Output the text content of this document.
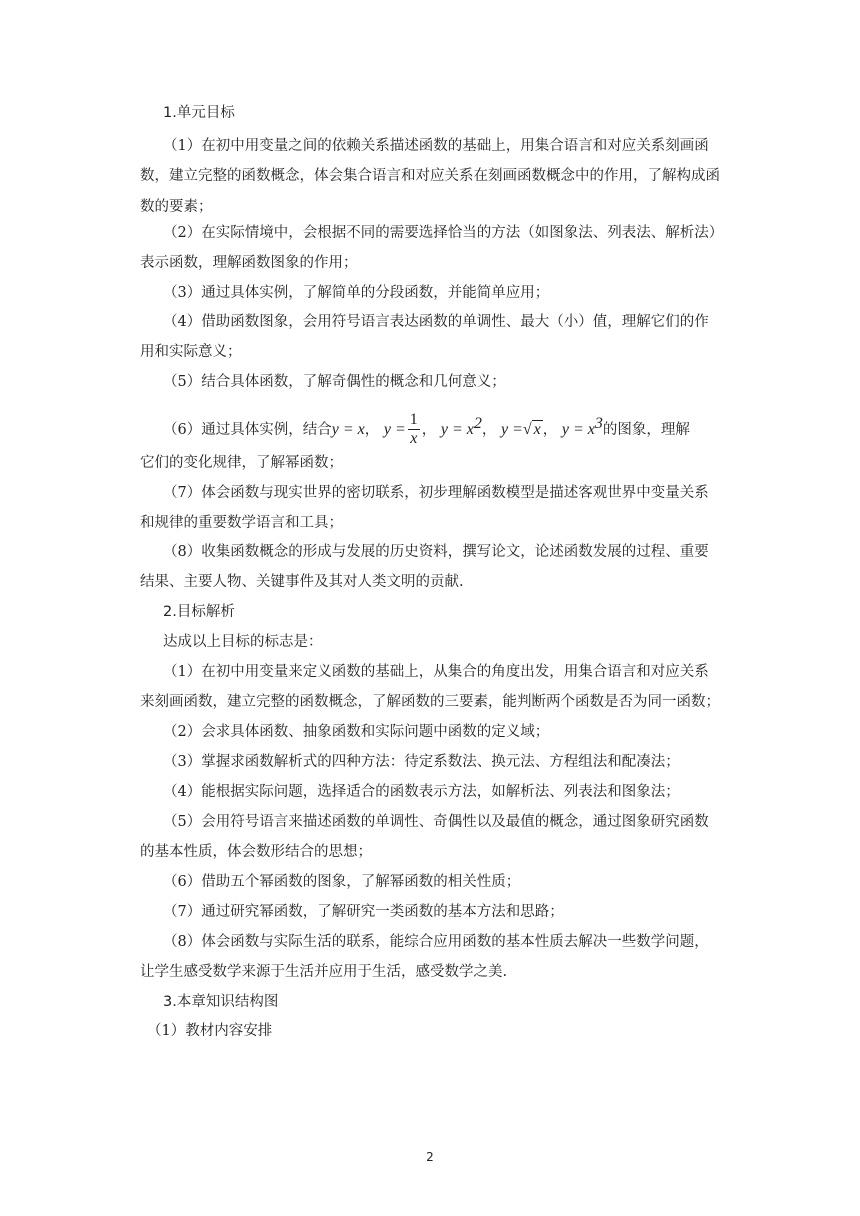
1.单元目标
（1）在初中用变量之间的依赖关系描述函数的基础上，用集合语言和对应关系刻画函
数，建立完整的函数概念，体会集合语言和对应关系在刻画函数概念中的作用，了解构成函
数的要素；
（2）在实际情境中，会根据不同的需要选择恰当的方法（如图象法、列表法、解析法）
表示函数，理解函数图象的作用；
（3）通过具体实例，了解简单的分段函数，并能简单应用；
（4）借助函数图象，会用符号语言表达函数的单调性、最大（小）值，理解它们的作
用和实际意义；
（5）结合具体函数，了解奇偶性的概念和几何意义；
（6）通过具体实例，结合y = x， $y = \frac{1}{x}$ ， $y = x^2$， y =√ x ， $y = x^3$的图象，理解
它们的变化规律，了解幂函数；
（7）体会函数与现实世界的密切联系，初步理解函数模型是描述客观世界中变量关系
和规律的重要数学语言和工具；
（8）收集函数概念的形成与发展的历史资料，撰写论文，论述函数发展的过程、重要
结果、主要人物、关键事件及其对人类文明的贡献.
2.目标解析
达成以上目标的标志是：
（1）在初中用变量来定义函数的基础上，从集合的角度出发，用集合语言和对应关系
来刻画函数，建立完整的函数概念，了解函数的三要素，能判断两个函数是否为同一函数；
（2）会求具体函数、抽象函数和实际问题中函数的定义域；
（3）掌握求函数解析式的四种方法：待定系数法、换元法、方程组法和配凑法；
（4）能根据实际问题，选择适合的函数表示方法，如解析法、列表法和图象法；
（5）会用符号语言来描述函数的单调性、奇偶性以及最值的概念，通过图象研究函数
的基本性质，体会数形结合的思想；
（6）借助五个幂函数的图象，了解幂函数的相关性质；
（7）通过研究幂函数，了解研究一类函数的基本方法和思路；
（8）体会函数与实际生活的联系，能综合应用函数的基本性质去解决一些数学问题，
让学生感受数学来源于生活并应用于生活，感受数学之美.
3.本章知识结构图
（1）教材内容安排
2
